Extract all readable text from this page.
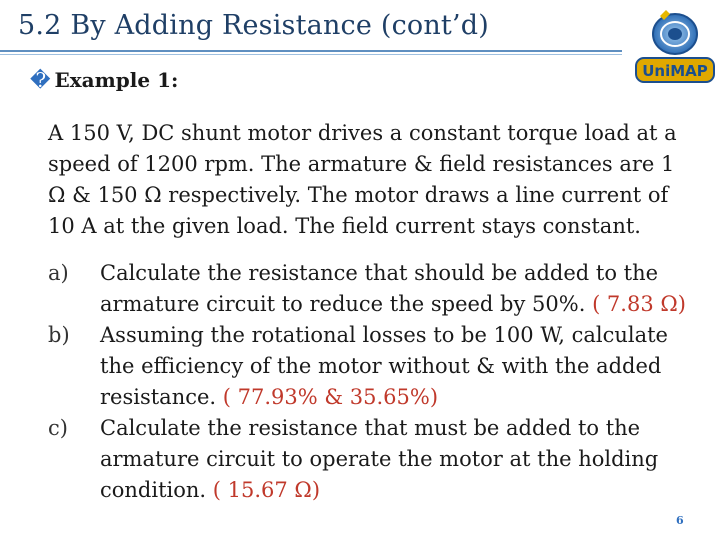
5.2 By Adding Resistance (cont’d)
UniMAP
� Example 1:

A 150 V, DC shunt motor drives a constant torque load at a speed of 1200 rpm. The armature & field resistances are 1 Ω & 150 Ω respectively. The motor draws a line current of 10 A at the given load. The field current stays constant.

a)	Calculate the resistance that should be added to the armature circuit to reduce the speed by 50%. ( 7.83 Ω)
b)	Assuming the rotational losses to be 100 W, calculate the efficiency of the motor without & with the added resistance. ( 77.93% & 35.65%)
c)	Calculate the resistance that must be added to the armature circuit to operate the motor at the holding condition. ( 15.67 Ω)
6
